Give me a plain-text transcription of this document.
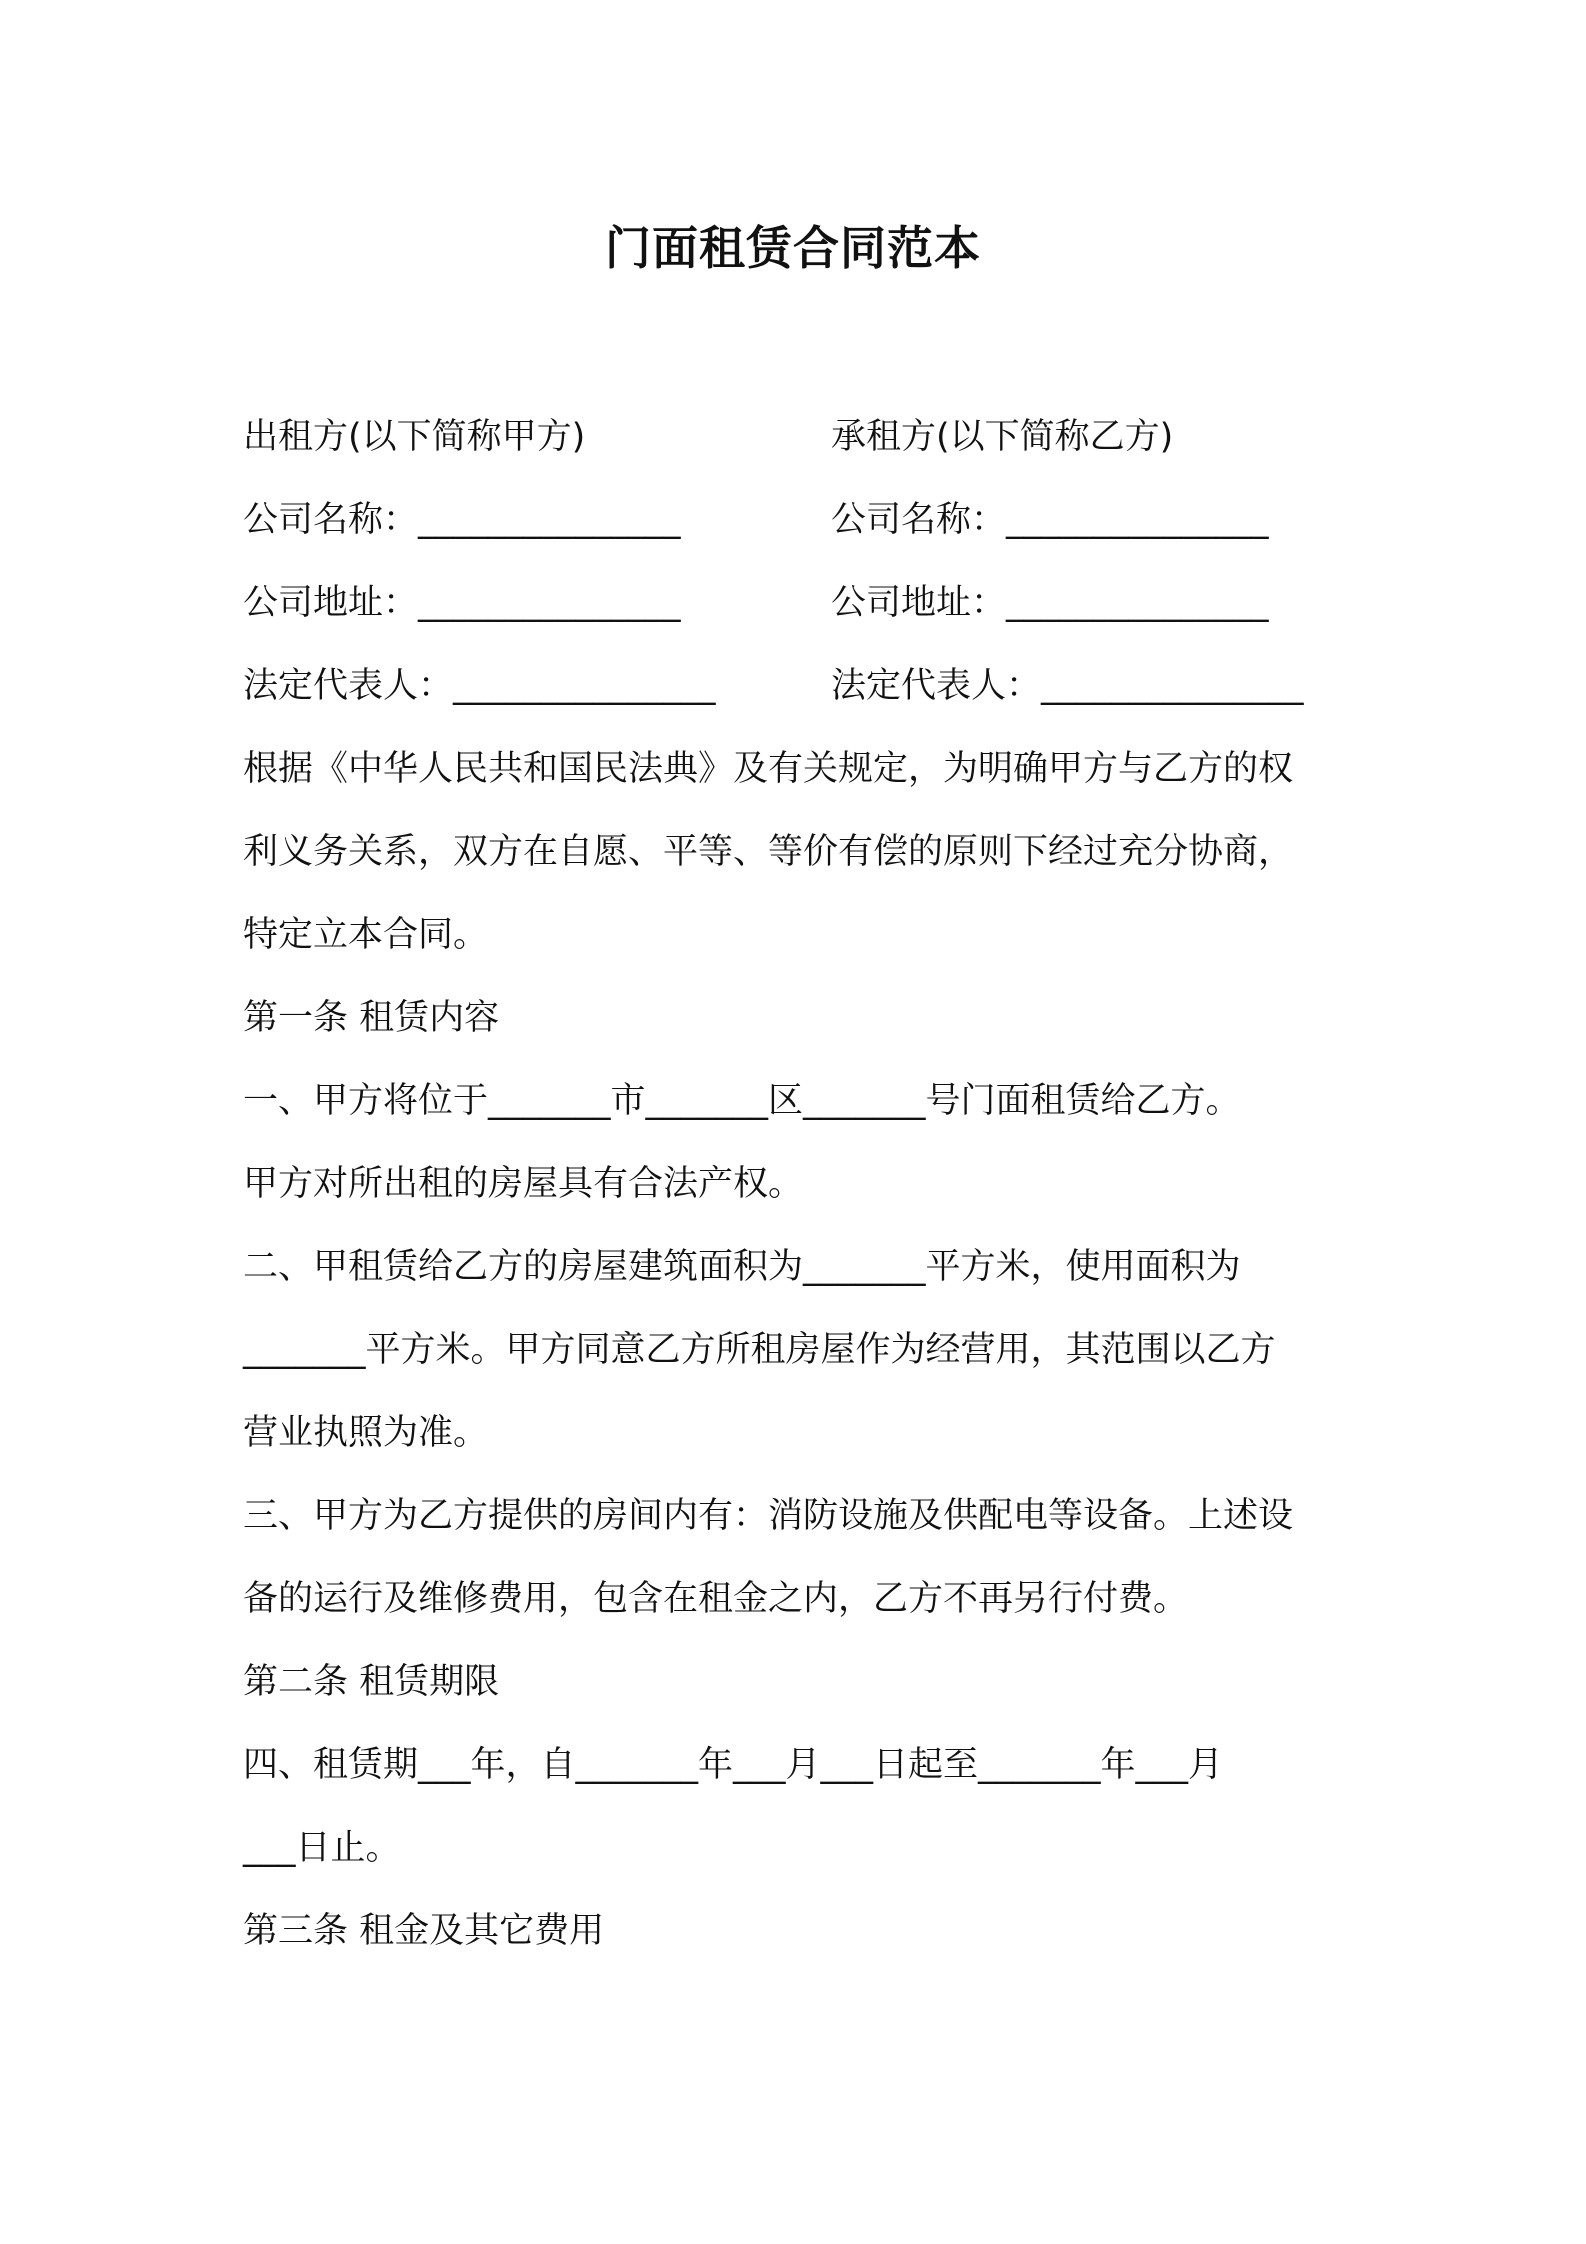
门面租赁合同范本
出租方(以下简称甲方)	承租方(以下简称乙方)
公司名称：_______________	公司名称：_______________
公司地址：_______________	公司地址：_______________
法定代表人：_______________	法定代表人：_______________
根据《中华人民共和国民法典》及有关规定，为明确甲方与乙方的权
利义务关系，双方在自愿、平等、等价有偿的原则下经过充分协商，
特定立本合同。
第一条 租赁内容
一、甲方将位于_______市_______区_______号门面租赁给乙方。
甲方对所出租的房屋具有合法产权。
二、甲租赁给乙方的房屋建筑面积为_______平方米，使用面积为
_______平方米。甲方同意乙方所租房屋作为经营用，其范围以乙方
营业执照为准。
三、甲方为乙方提供的房间内有：消防设施及供配电等设备。上述设
备的运行及维修费用，包含在租金之内，乙方不再另行付费。
第二条 租赁期限
四、租赁期___年，自_______年___月___日起至_______年___月
___日止。
第三条 租金及其它费用
